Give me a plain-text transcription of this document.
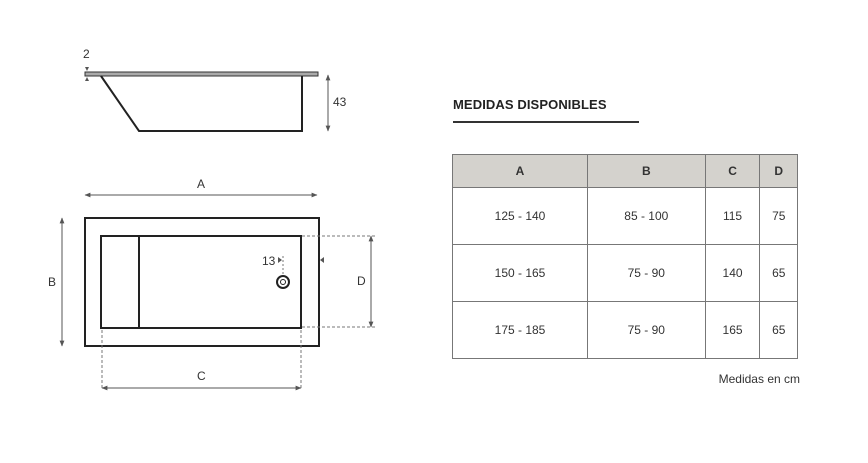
2
43
A
B	D
C
13
MEDIDAS DISPONIBLES
A	B	C	D
125 - 140	85 - 100	115	75
150 - 165	75 - 90	140	65
175 - 185	75 - 90	165	65
Medidas en cm
